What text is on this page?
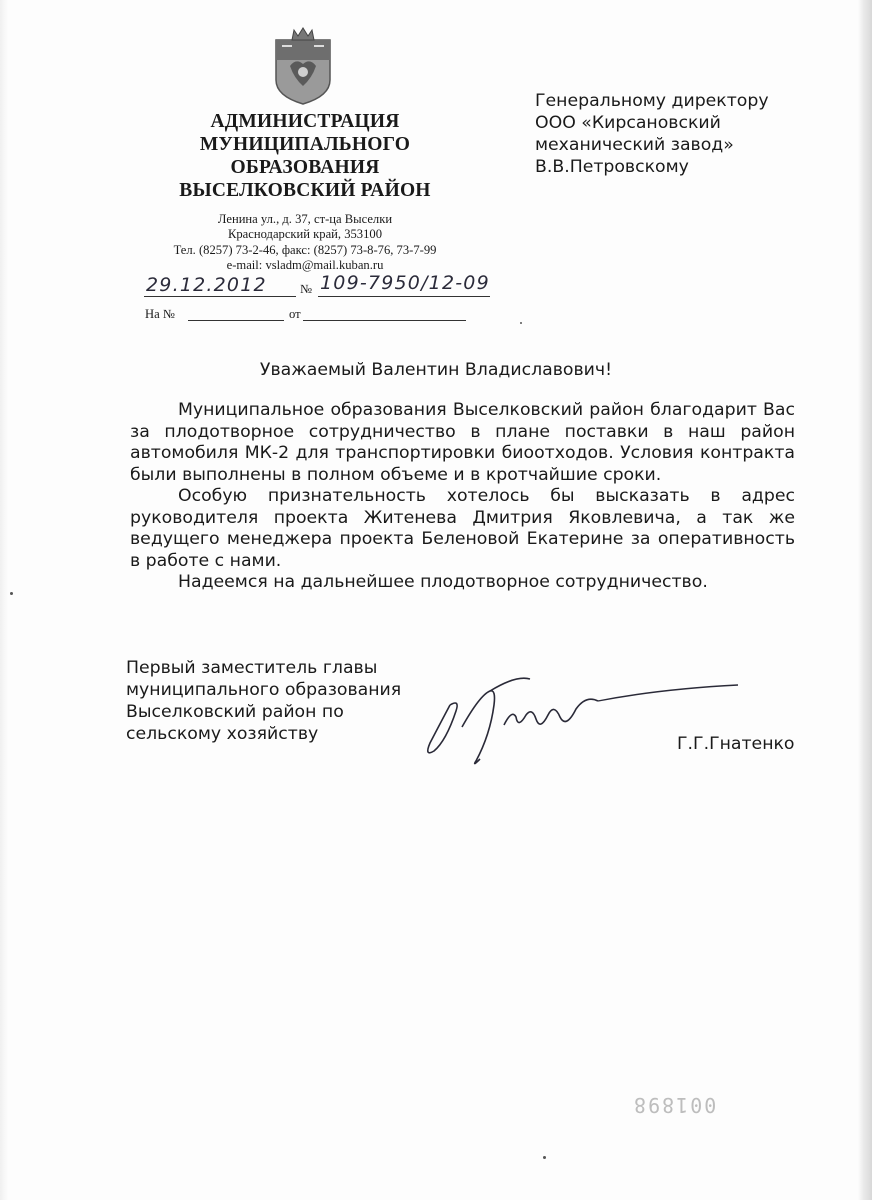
АДМИНИСТРАЦИЯ
МУНИЦИПАЛЬНОГО
ОБРАЗОВАНИЯ
ВЫСЕЛКОВСКИЙ РАЙОН
Ленина ул., д. 37, ст-ца Выселки
Краснодарский край, 353100
Тел. (8257) 73-2-46, факс: (8257) 73-8-76, 73-7-99
e-mail: vsladm@mail.kuban.ru
29.12.2012	№ 109-7950/12-09
На №	от
Генеральному директору
ООО «Кирсановский
механический завод»
В.В.Петровскому
Уважаемый Валентин Владиславович!

Муниципальное образования Выселковский район благодарит Вас за плодотворное сотрудничество в плане поставки в наш район автомобиля МК-2 для транспортировки биоотходов. Условия контракта были выполнены в полном объеме и в кротчайшие сроки.

Особую признательность хотелось бы высказать в адрес руководителя проекта Житенева Дмитрия Яковлевича, а так же ведущего менеджера проекта Беленовой Екатерине за оперативность в работе с нами.

Надеемся на дальнейшее плодотворное сотрудничество.

Первый заместитель главы
муниципального образования
Выселковский район по
сельскому хозяйству	Г.Г.Гнатенко
001898
